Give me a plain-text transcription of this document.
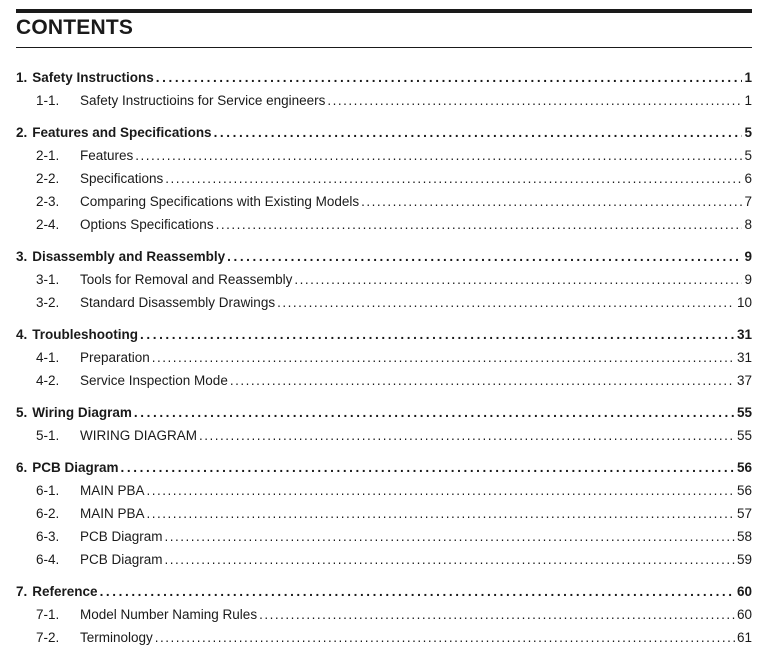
CONTENTS
1. Safety Instructions .....	1
1-1.	Safety Instructioins for Service engineers .....	1
2. Features and Specifications .....	5
2-1.	Features .....	5
2-2.	Specifications .....	6
2-3.	Comparing Specifications with Existing Models .....	7
2-4.	Options Specifications .....	8
3. Disassembly and Reassembly .....	9
3-1.	Tools for Removal and Reassembly .....	9
3-2.	Standard Disassembly Drawings .....	10
4. Troubleshooting .....	31
4-1.	Preparation .....	31
4-2.	Service Inspection Mode .....	37
5. Wiring Diagram .....	55
5-1.	WIRING DIAGRAM .....	55
6. PCB Diagram .....	56
6-1.	MAIN PBA .....	56
6-2.	MAIN PBA .....	57
6-3.	PCB Diagram .....	58
6-4.	PCB Diagram .....	59
7. Reference .....	60
7-1.	Model Number Naming Rules .....	60
7-2.	Terminology .....	61
